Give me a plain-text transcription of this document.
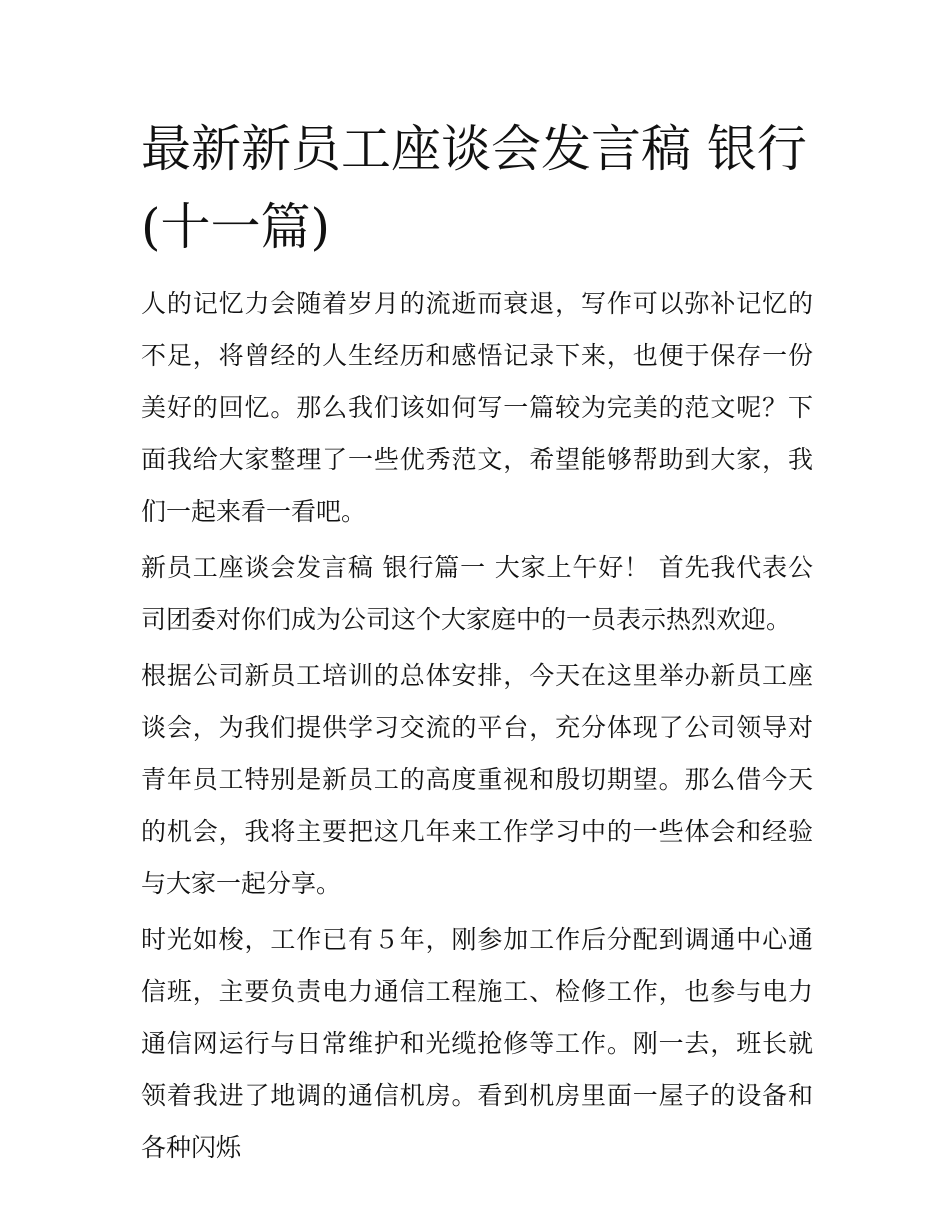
最新新员工座谈会发言稿 银行(十一篇)

人的记忆力会随着岁月的流逝而衰退，写作可以弥补记忆的不足，将曾经的人生经历和感悟记录下来，也便于保存一份美好的回忆。那么我们该如何写一篇较为完美的范文呢？下面我给大家整理了一些优秀范文，希望能够帮助到大家，我们一起来看一看吧。

新员工座谈会发言稿 银行篇一 大家上午好！ 首先我代表公司团委对你们成为公司这个大家庭中的一员表示热烈欢迎。

根据公司新员工培训的总体安排，今天在这里举办新员工座谈会，为我们提供学习交流的平台，充分体现了公司领导对青年员工特别是新员工的高度重视和殷切期望。那么借今天的机会，我将主要把这几年来工作学习中的一些体会和经验与大家一起分享。

时光如梭，工作已有５年，刚参加工作后分配到调通中心通信班，主要负责电力通信工程施工、检修工作，也参与电力通信网运行与日常维护和光缆抢修等工作。刚一去，班长就领着我进了地调的通信机房。看到机房里面一屋子的设备和各种闪烁
